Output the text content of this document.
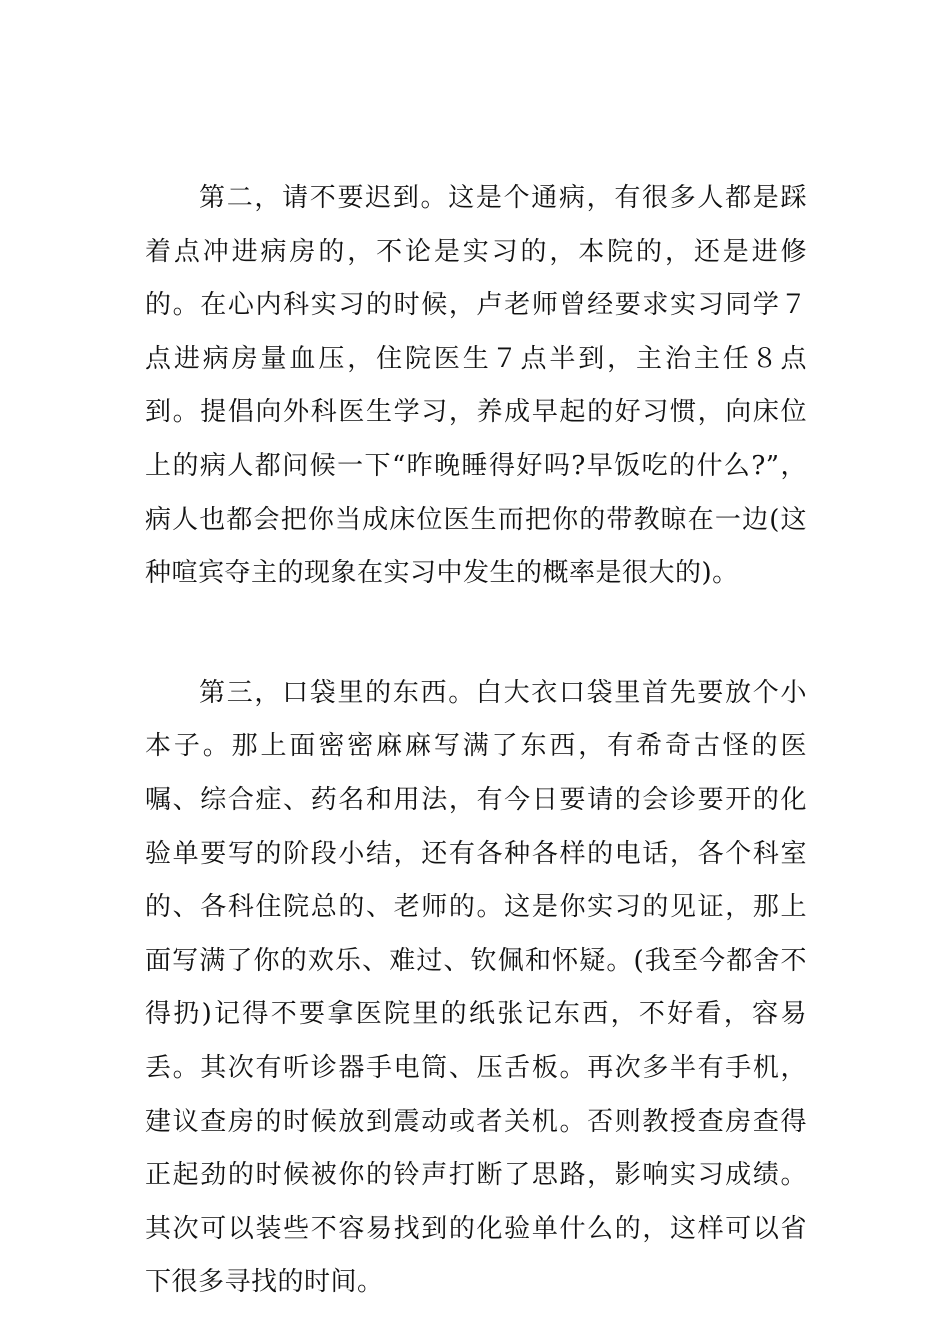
第二，请不要迟到。这是个通病，有很多人都是踩着点冲进病房的，不论是实习的，本院的，还是进修的。在心内科实习的时候，卢老师曾经要求实习同学７点进病房量血压，住院医生７点半到，主治主任８点到。提倡向外科医生学习，养成早起的好习惯，向床位上的病人都问候一下“昨晚睡得好吗?早饭吃的什么?”，病人也都会把你当成床位医生而把你的带教晾在一边(这种喧宾夺主的现象在实习中发生的概率是很大的)。

第三，口袋里的东西。白大衣口袋里首先要放个小本子。那上面密密麻麻写满了东西，有希奇古怪的医嘱、综合症、药名和用法，有今日要请的会诊要开的化验单要写的阶段小结，还有各种各样的电话，各个科室的、各科住院总的、老师的。这是你实习的见证，那上面写满了你的欢乐、难过、钦佩和怀疑。(我至今都舍不得扔)记得不要拿医院里的纸张记东西，不好看，容易丢。其次有听诊器手电筒、压舌板。再次多半有手机，建议查房的时候放到震动或者关机。否则教授查房查得正起劲的时候被你的铃声打断了思路，影响实习成绩。其次可以装些不容易找到的化验单什么的，这样可以省下很多寻找的时间。
